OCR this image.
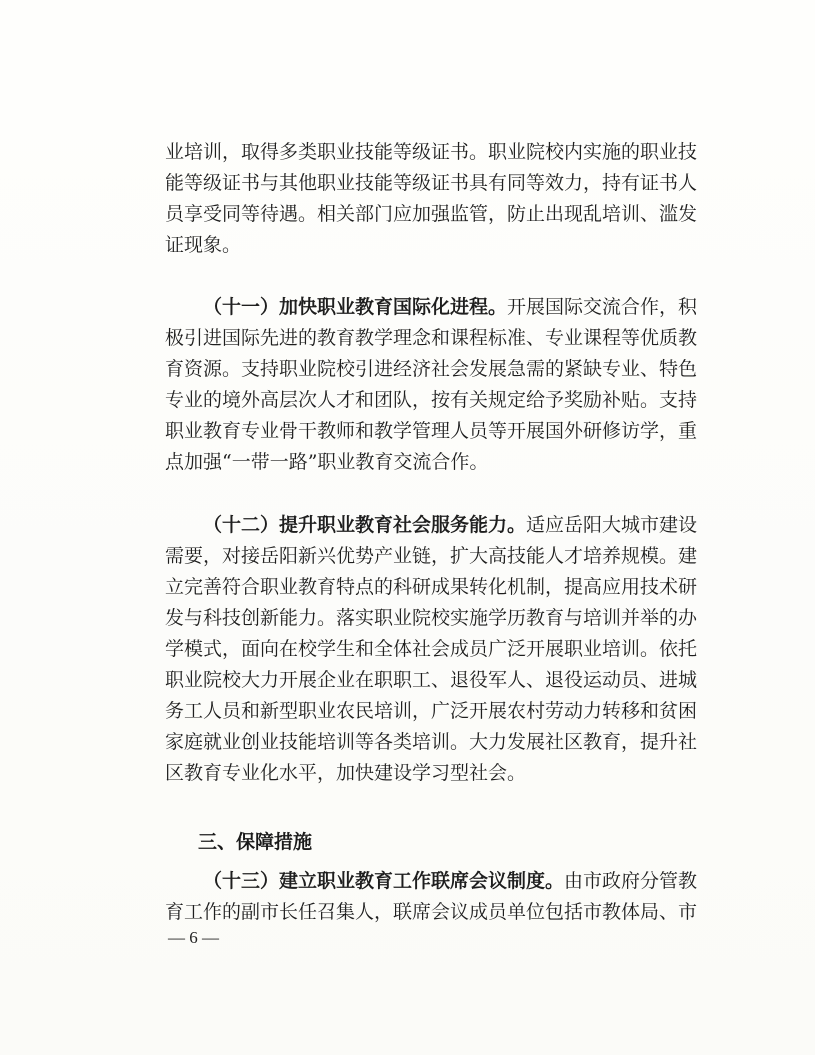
业培训，取得多类职业技能等级证书。职业院校内实施的职业技
能等级证书与其他职业技能等级证书具有同等效力，持有证书人
员享受同等待遇。相关部门应加强监管，防止出现乱培训、滥发
证现象。
（十一）加快职业教育国际化进程。开展国际交流合作，积
极引进国际先进的教育教学理念和课程标准、专业课程等优质教
育资源。支持职业院校引进经济社会发展急需的紧缺专业、特色
专业的境外高层次人才和团队，按有关规定给予奖励补贴。支持
职业教育专业骨干教师和教学管理人员等开展国外研修访学，重
点加强“一带一路”职业教育交流合作。
（十二）提升职业教育社会服务能力。适应岳阳大城市建设
需要，对接岳阳新兴优势产业链，扩大高技能人才培养规模。建
立完善符合职业教育特点的科研成果转化机制，提高应用技术研
发与科技创新能力。落实职业院校实施学历教育与培训并举的办
学模式，面向在校学生和全体社会成员广泛开展职业培训。依托
职业院校大力开展企业在职职工、退役军人、退役运动员、进城
务工人员和新型职业农民培训，广泛开展农村劳动力转移和贫困
家庭就业创业技能培训等各类培训。大力发展社区教育，提升社
区教育专业化水平，加快建设学习型社会。
三、保障措施
（十三）建立职业教育工作联席会议制度。由市政府分管教
育工作的副市长任召集人，联席会议成员单位包括市教体局、市
— 6 —
